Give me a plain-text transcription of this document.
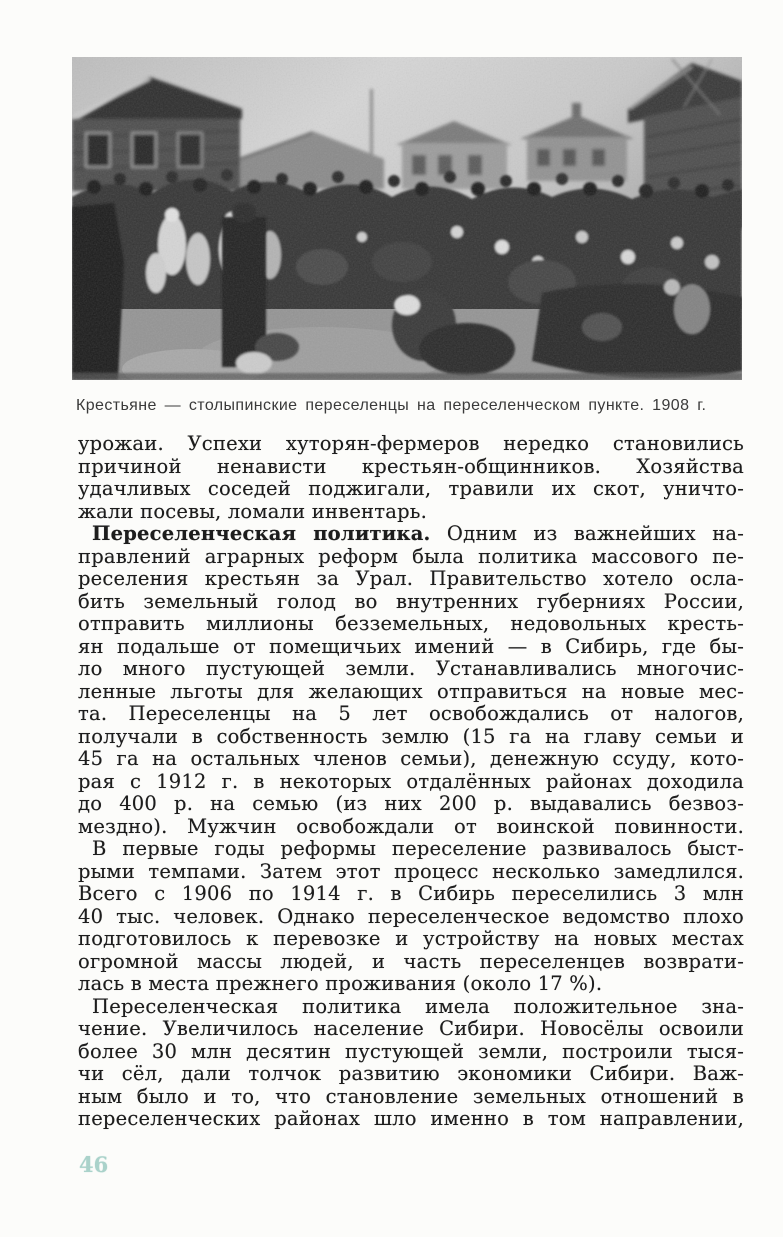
Крестьяне — столыпинские переселенцы на переселенческом пункте. 1908 г.
урожаи. Успехи хуторян-фермеров нередко становились
причиной ненависти крестьян-общинников. Хозяйства
удачливых соседей поджигали, травили их скот, уничто-
жали посевы, ломали инвентарь.
Переселенческая политика. Одним из важнейших на-
правлений аграрных реформ была политика массового пе-
реселения крестьян за Урал. Правительство хотело осла-
бить земельный голод во внутренних губерниях России,
отправить миллионы безземельных, недовольных кресть-
ян подальше от помещичьих имений — в Сибирь, где бы-
ло много пустующей земли. Устанавливались многочис-
ленные льготы для желающих отправиться на новые мес-
та. Переселенцы на 5 лет освобождались от налогов,
получали в собственность землю (15 га на главу семьи и
45 га на остальных членов семьи), денежную ссуду, кото-
рая с 1912 г. в некоторых отдалённых районах доходила
до 400 р. на семью (из них 200 р. выдавались безвоз-
мездно). Мужчин освобождали от воинской повинности.
В первые годы реформы переселение развивалось быст-
рыми темпами. Затем этот процесс несколько замедлился.
Всего с 1906 по 1914 г. в Сибирь переселились 3 млн
40 тыс. человек. Однако переселенческое ведомство плохо
подготовилось к перевозке и устройству на новых местах
огромной массы людей, и часть переселенцев возврати-
лась в места прежнего проживания (около 17 %).
Переселенческая политика имела положительное зна-
чение. Увеличилось население Сибири. Новосёлы освоили
более 30 млн десятин пустующей земли, построили тыся-
чи сёл, дали толчок развитию экономики Сибири. Важ-
ным было и то, что становление земельных отношений в
переселенческих районах шло именно в том направлении,
46
